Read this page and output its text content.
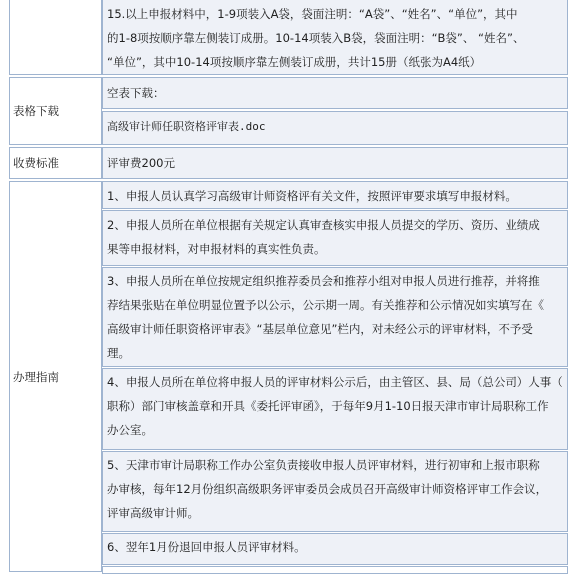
15.以上申报材料中，1-9项装入A袋，袋面注明：“A袋”、“姓名”、“单位”，其中
的1-8项按顺序靠左侧装订成册。10-14项装入B袋，袋面注明：“B袋”、 “姓名”、
“单位”，其中10-14项按顺序靠左侧装订成册，共计15册（纸张为A4纸）
表格下载
空表下载：
高级审计师任职资格评审表.doc
收费标准	评审费200元
办理指南
1、申报人员认真学习高级审计师资格评有关文件，按照评审要求填写申报材料。
2、申报人员所在单位根据有关规定认真审查核实申报人员提交的学历、资历、业绩成
果等申报材料，对申报材料的真实性负责。
3、申报人员所在单位按规定组织推荐委员会和推荐小组对申报人员进行推荐，并将推
荐结果张贴在单位明显位置予以公示，公示期一周。有关推荐和公示情况如实填写在《
高级审计师任职资格评审表》“基层单位意见”栏内，对未经公示的评审材料，不予受
理。
4、申报人员所在单位将申报人员的评审材料公示后，由主管区、县、局（总公司）人事（
职称）部门审核盖章和开具《委托评审函》，于每年9月1-10日报天津市审计局职称工作
办公室。
5、天津市审计局职称工作办公室负责接收申报人员评审材料，进行初审和上报市职称
办审核，每年12月份组织高级职务评审委员会成员召开高级审计师资格评审工作会议，
评审高级审计师。
6、翌年1月份退回申报人员评审材料。
